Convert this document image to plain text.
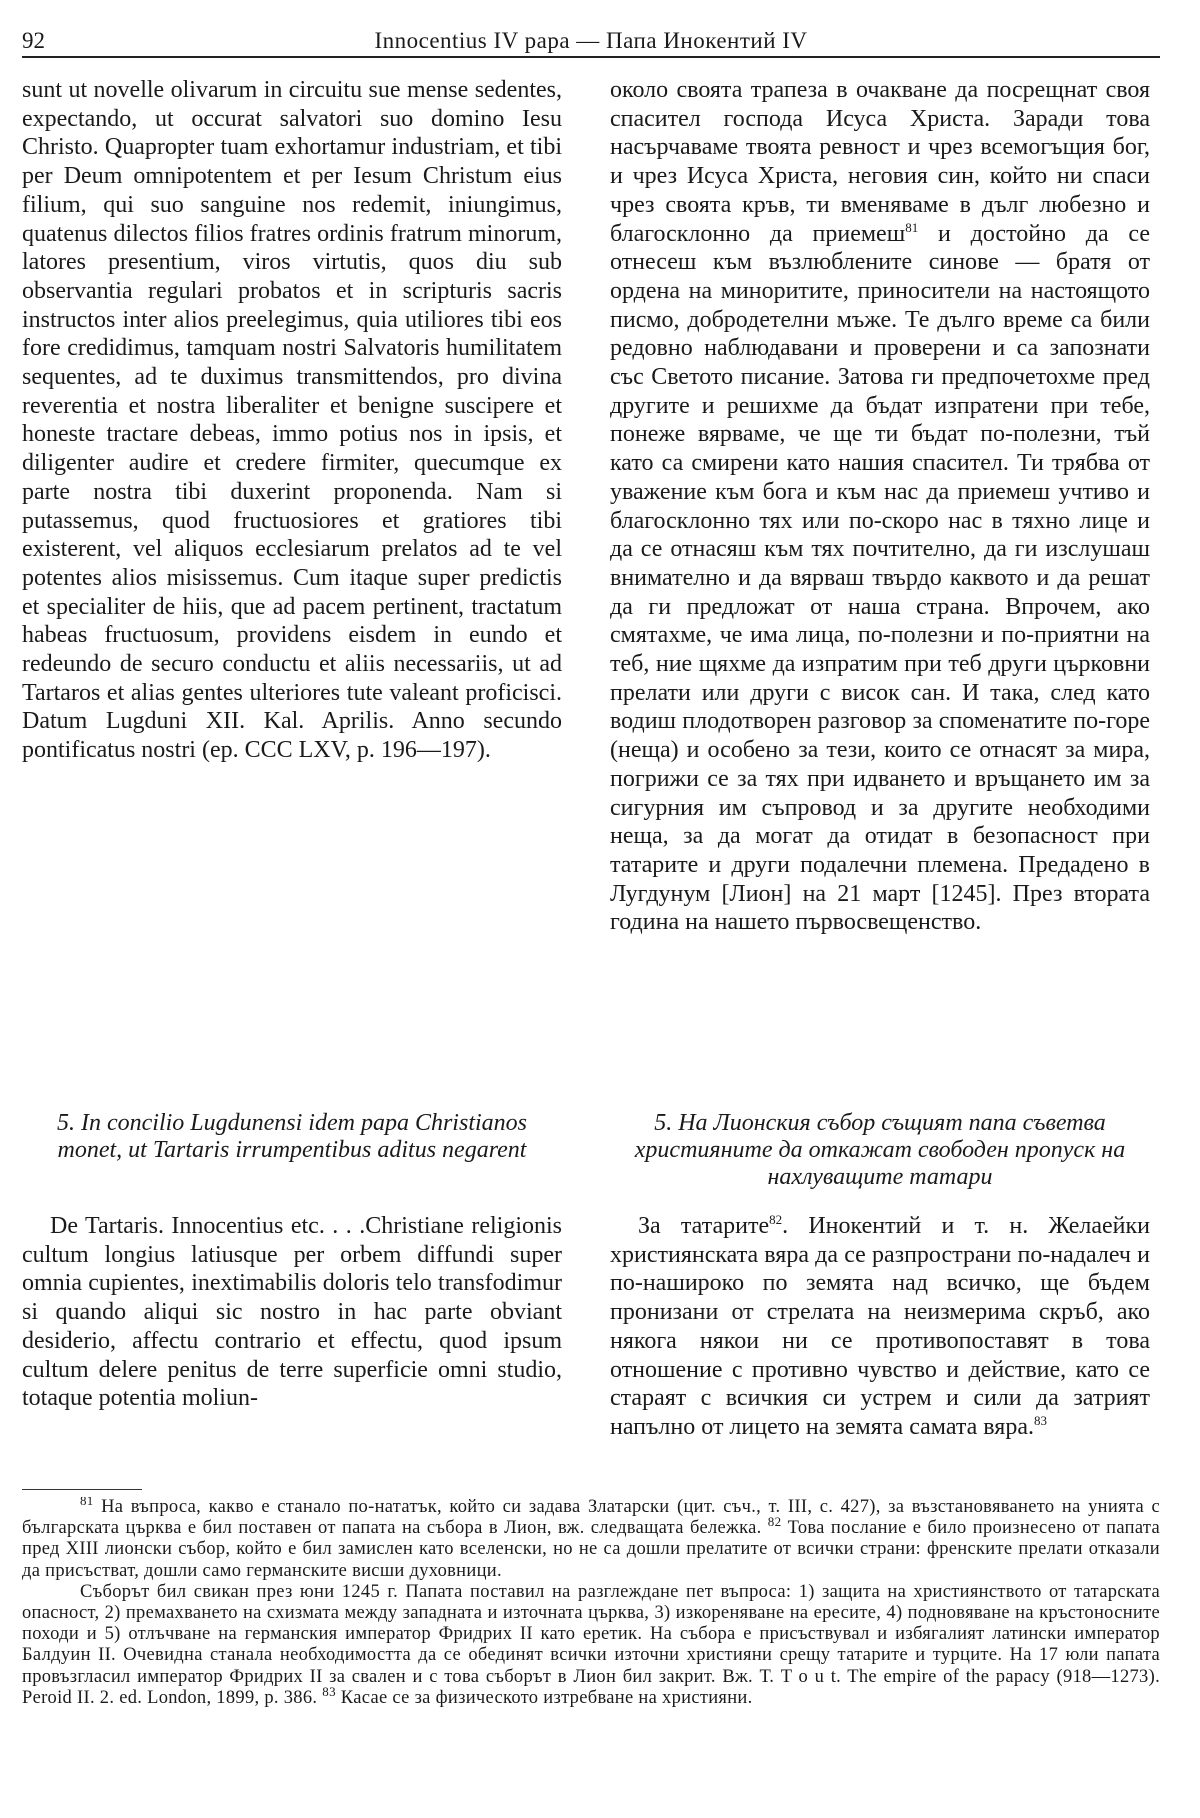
92	Innocentius IV papa — Папа Инокентий IV

sunt ut novelle olivarum in circuitu sue mense sedentes, expectando, ut occurat salvatori suo domino Iesu Christo. Quapropter tuam exhortamur industriam, et tibi per Deum omnipotentem et per Iesum Christum eius filium, qui suo sanguine nos redemit, iniungimus, quatenus dilectos filios fratres ordinis fratrum minorum, latores presentium, viros virtutis, quos diu sub observantia regulari probatos et in scripturis sacris instructos inter alios preelegimus, quia utiliores tibi eos fore credidimus, tamquam nostri Salvatoris humilitatem sequentes, ad te duximus transmittendos, pro divina reverentia et nostra liberaliter et benigne suscipere et honeste tractare debeas, immo potius nos in ipsis, et diligenter audire et credere firmiter, quecumque ex parte nostra tibi duxerint proponenda. Nam si putassemus, quod fructuosiores et gratiores tibi existerent, vel aliquos ecclesiarum prelatos ad te vel potentes alios misissemus. Cum itaque super predictis et specialiter de hiis, que ad pacem pertinent, tractatum habeas fructuosum, providens eisdem in eundo et redeundo de securo conductu et aliis necessariis, ut ad Tartaros et alias gentes ulteriores tute valeant proficisci. Datum Lugduni XII. Kal. Aprilis. Anno secundo pontificatus nostri (ep. CCC LXV, p. 196—197).

около своята трапеза в очакване да посрещнат своя спасител господа Исуса Христа. Заради това насърчаваме твоята ревност и чрез всемогъщия бог, и чрез Исуса Христа, неговия син, който ни спаси чрез своята кръв, ти вменяваме в дълг любезно и благосклонно да приемеш$^{81}$ и достойно да се отнесеш към възлюблените синове — братя от ордена на миноритите, приносители на настоящото писмо, добродетелни мъже. Те дълго време са били редовно наблюдавани и проверени и са запознати със Светото писание. Затова ги предпочетохме пред другите и решихме да бъдат изпратени при тебе, понеже вярваме, че ще ти бъдат по-полезни, тъй като са смирени като нашия спасител. Ти трябва от уважение към бога и към нас да приемеш учтиво и благосклонно тях или по-скоро нас в тяхно лице и да се отнасяш към тях почтително, да ги изслушаш внимателно и да вярваш твърдо каквото и да решат да ги предложат от наша страна. Впрочем, ако смятахме, че има лица, по-полезни и по-приятни на теб, ние щяхме да изпратим при теб други църковни прелати или други с висок сан. И така, след като водиш плодотворен разговор за споменатите по-горе (неща) и особено за тези, които се отнасят за мира, погрижи се за тях при идването и връщането им за сигурния им съпровод и за другите необходими неща, за да могат да отидат в безопасност при татарите и други подалечни племена. Предадено в Лугдунум [Лион] на 21 март [1245]. През втората година на нашето първосвещенство.

5. In concilio Lugdunensi idem papa Christianos monet, ut Tartaris irrumpentibus aditus negarent
5. На Лионския събор същият папа съветва християните да откажат свободен пропуск на нахлуващите татари

De Tartaris. Innocentius etc. . . .Christiane religionis cultum longius latiusque per orbem diffundi super omnia cupientes, inextimabilis doloris telo transfodimur si quando aliqui sic nostro in hac parte obviant desiderio, affectu contrario et effectu, quod ipsum cultum delere penitus de terre superficie omni studio, totaque potentia moliun-

За татарите$^{82}$. Инокентий и т. н. Желаейки християнската вяра да се разпространи по-надалеч и по-нашироко по земята над всичко, ще бъдем пронизани от стрелата на неизмерима скръб, ако някога някои ни се противопоставят в това отношение с противно чувство и действие, като се стараят с всичкия си устрем и сили да затрият напълно от лицето на земята самата вяра.$^{83}$

$^{81}$ На въпроса, какво е станало по-нататък, който си задава Златарски (цит. съч., т. III, с. 427), за възстановяването на унията с българската църква е бил поставен от папата на събора в Лион, вж. следващата бележка. $^{82}$ Това послание е било произнесено от папата пред XIII лионски събор, който е бил замислен като вселенски, но не са дошли прелатите от всички страни: френските прелати отказали да присъстват, дошли само германските висши духовници.

Съборът бил свикан през юни 1245 г. Папата поставил на разглеждане пет въпроса: 1) защита на християнството от татарската опасност, 2) премахването на схизмата между западната и източната църква, 3) изкореняване на ересите, 4) подновяване на кръстоносните походи и 5) отлъчване на германския император Фридрих II като еретик. На събора е присъствувал и избягалият латински император Балдуин II. Очевидна станала необходимостта да се обединят всички източни християни срещу татарите и турците. На 17 юли папата провъзгласил император Фридрих II за свален и с това съборът в Лион бил закрит. Вж. Т. T o u t. The empire of the papacy (918—1273). Peroid II. 2. ed. London, 1899, p. 386. $^{83}$ Касае се за физическото изтребване на християни.
